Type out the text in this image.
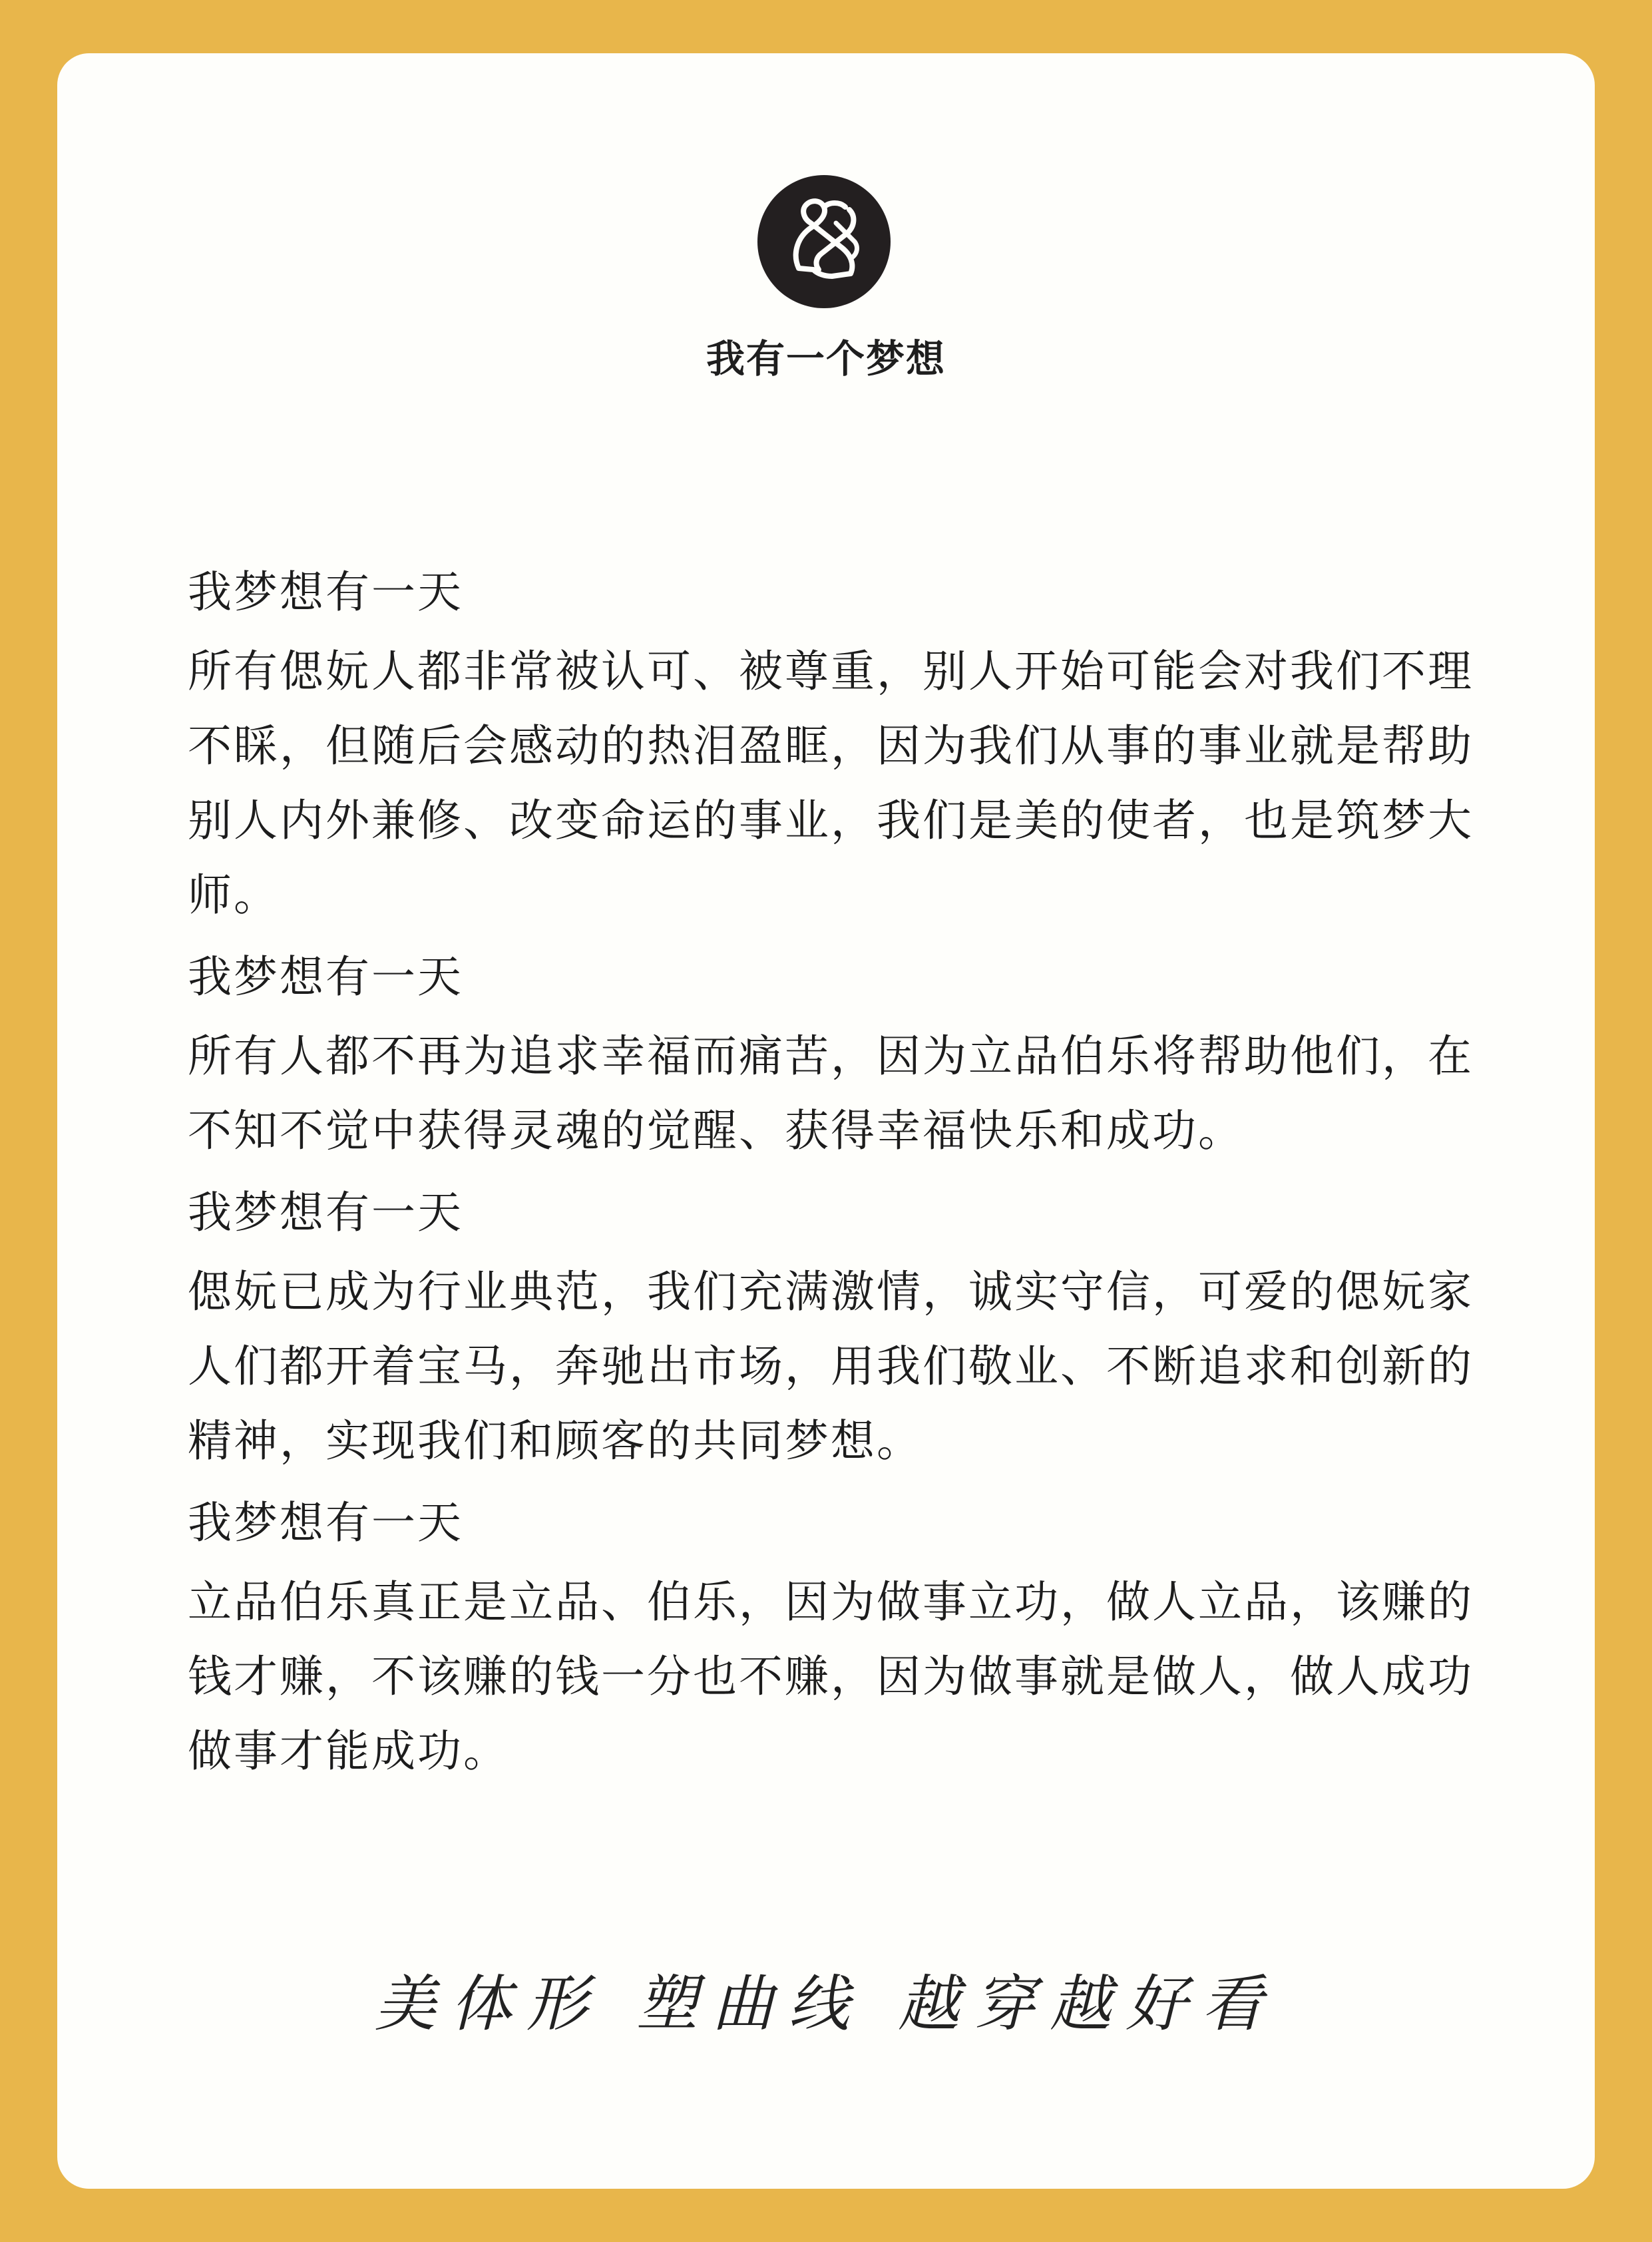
我有一个梦想
我梦想有一天
所有偲妧人都非常被认可、被尊重，别人开始可能会对我们不理不睬，但随后会感动的热泪盈眶，因为我们从事的事业就是帮助别人内外兼修、改变命运的事业，我们是美的使者，也是筑梦大师。
我梦想有一天
所有人都不再为追求幸福而痛苦，因为立品伯乐将帮助他们，在不知不觉中获得灵魂的觉醒、获得幸福快乐和成功。
我梦想有一天
偲妧已成为行业典范，我们充满激情，诚实守信，可爱的偲妧家人们都开着宝马，奔驰出市场，用我们敬业、不断追求和创新的精神，实现我们和顾客的共同梦想。
我梦想有一天
立品伯乐真正是立品、伯乐，因为做事立功，做人立品，该赚的钱才赚，不该赚的钱一分也不赚，因为做事就是做人，做人成功做事才能成功。
美体形 塑曲线 越穿越好看
